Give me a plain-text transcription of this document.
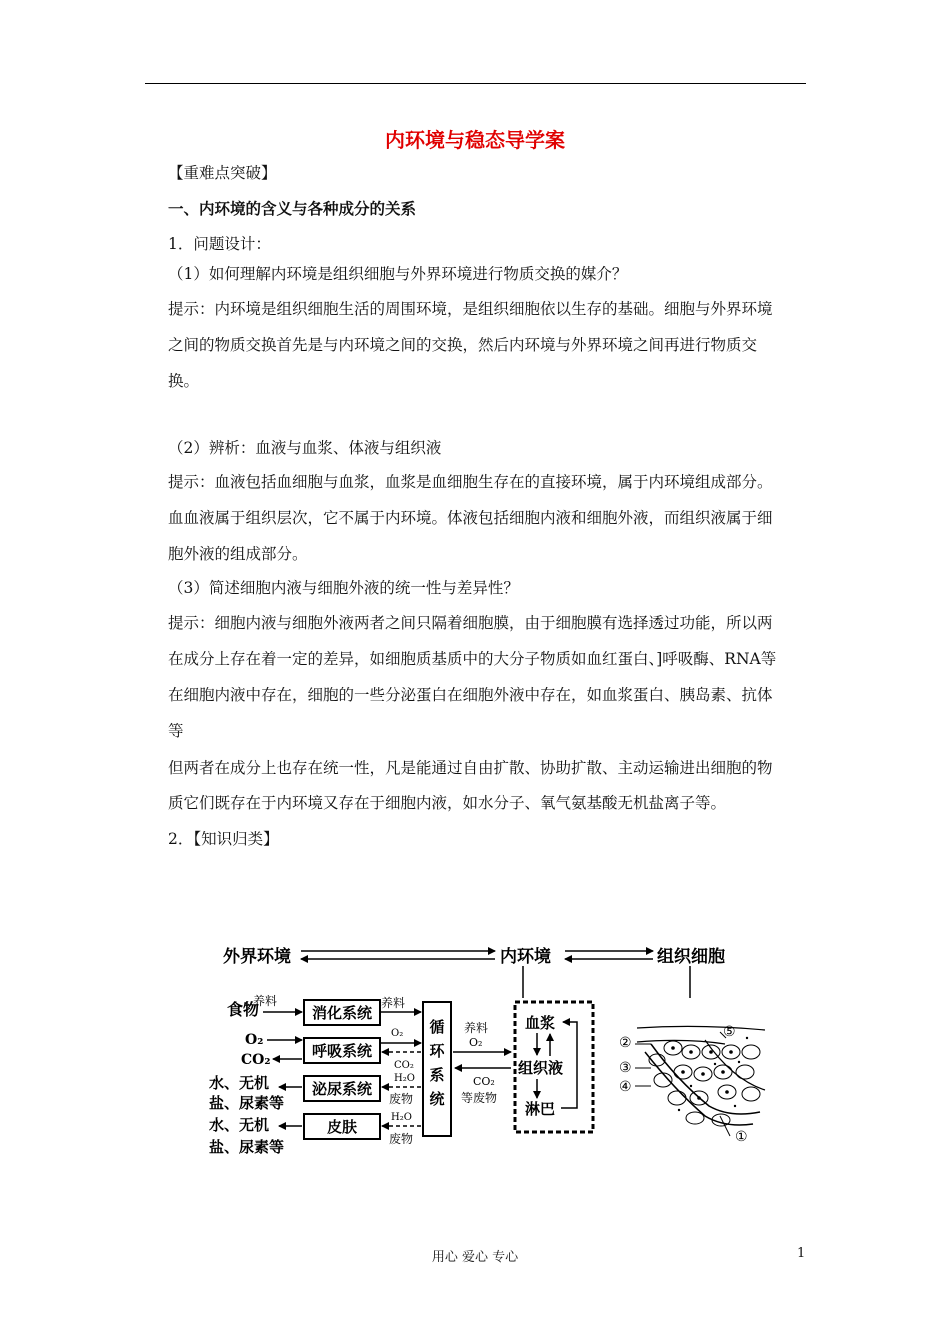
内环境与稳态导学案
【重难点突破】
一、内环境的含义与各种成分的关系
1．问题设计：
（1）如何理解内环境是组织细胞与外界环境进行物质交换的媒介？
提示：内环境是组织细胞生活的周围环境，是组织细胞依以生存的基础。细胞与外界环境
之间的物质交换首先是与内环境之间的交换，然后内环境与外界环境之间再进行物质交
换。
（2）辨析：血液与血浆、体液与组织液
提示：血液包括血细胞与血浆，血浆是血细胞生存在的直接环境，属于内环境组成部分。
血血液属于组织层次，它不属于内环境。体液包括细胞内液和细胞外液，而组织液属于细
胞外液的组成部分。
（3）简述细胞内液与细胞外液的统一性与差异性？
提示：细胞内液与细胞外液两者之间只隔着细胞膜，由于细胞膜有选择透过功能，所以两
在成分上存在着一定的差异，如细胞质基质中的大分子物质如血红蛋白、]呼吸酶、RNA等
在细胞内液中存在，细胞的一些分泌蛋白在细胞外液中存在，如血浆蛋白、胰岛素、抗体
等
但两者在成分上也存在统一性，凡是能通过自由扩散、协助扩散、主动运输进出细胞的物
质它们既存在于内环境又存在于细胞内液，如水分子、氧气氨基酸无机盐离子等。
2．【知识归类】
外界环境	内环境	组织细胞
食物
养料
O₂
CO₂
水、无机
盐、尿素等
水、无机
盐、尿素等
消化系统
呼吸系统
泌尿系统
皮肤
循
环
系
统
养料
O₂
CO₂
H₂O
废物
H₂O
废物
养料
O₂
CO₂
等废物
血浆
组织液
淋巴
②
③
④
⑤
①
用心 爱心 专心	1
